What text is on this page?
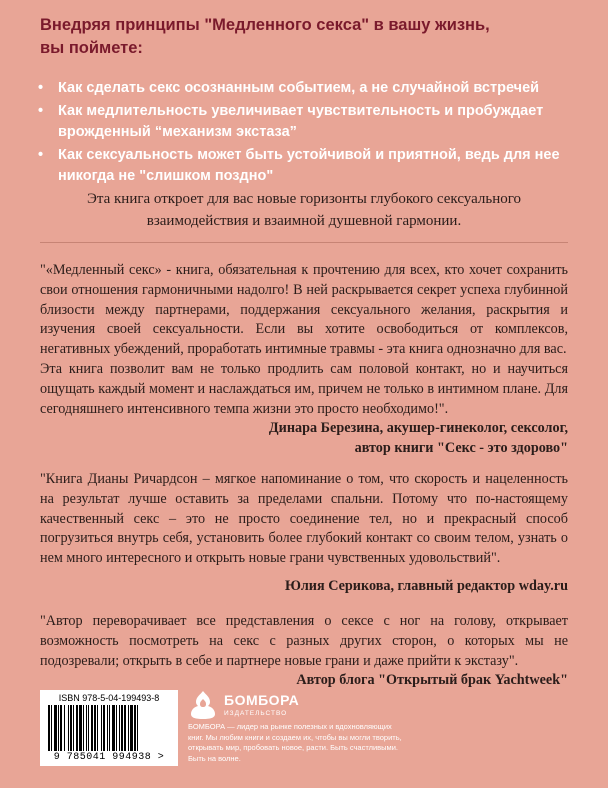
Внедряя принципы "Медленного секса" в вашу жизнь,
вы поймете:
• Как сделать секс осознанным событием, а не случайной встречей
• Как медлительность увеличивает чувствительность и пробуждает врожденный “механизм экстаза”
• Как сексуальность может быть устойчивой и приятной, ведь для нее никогда не "слишком поздно"

Эта книга откроет для вас новые горизонты глубокого сексуального взаимодействия и взаимной душевной гармонии.

"«Медленный секс» - книга, обязательная к прочтению для всех, кто хочет сохранить свои отношения гармоничными надолго! В ней раскрывается секрет успеха глубинной близости между партнерами, поддержания сексуального желания, раскрытия и изучения своей сексуальности. Если вы хотите освободиться от комплексов, негативных убеждений, проработать интимные травмы - эта книга однозначно для вас.

Эта книга позволит вам не только продлить сам половой контакт, но и научиться ощущать каждый момент и наслаждаться им, причем не только в интимном плане. Для сегодняшнего интенсивного темпа жизни это просто необходимо!".

Динара Березина, акушер-гинеколог, сексолог,
автор книги "Секс - это здорово"

"Книга Дианы Ричардсон – мягкое напоминание о том, что скорость и нацеленность на результат лучше оставить за пределами спальни. Потому что по-настоящему качественный секс – это не просто соединение тел, но и прекрасный способ погрузиться внутрь себя, установить более глубокий контакт со своим телом, узнать о нем много интересного и открыть новые грани чувственных удовольствий".

Юлия Серикова, главный редактор wday.ru

"Автор переворачивает все представления о сексе с ног на голову, открывает возможность посмотреть на секс с разных других сторон, о которых мы не подозревали; открыть в себе и партнере новые грани и даже прийти к экстазу".

Автор блога "Открытый брак Yachtweek"

ISBN 978-5-04-199493-8
9 785041 994938 >
БОМБОРА
ИЗДАТЕЛЬСТВО

БОМБОРА — лидер на рынке полезных и вдохновляющих книг. Мы любим книги и создаем их, чтобы вы могли творить, открывать мир, пробовать новое, расти. Быть счастливыми. Быть на волне.
